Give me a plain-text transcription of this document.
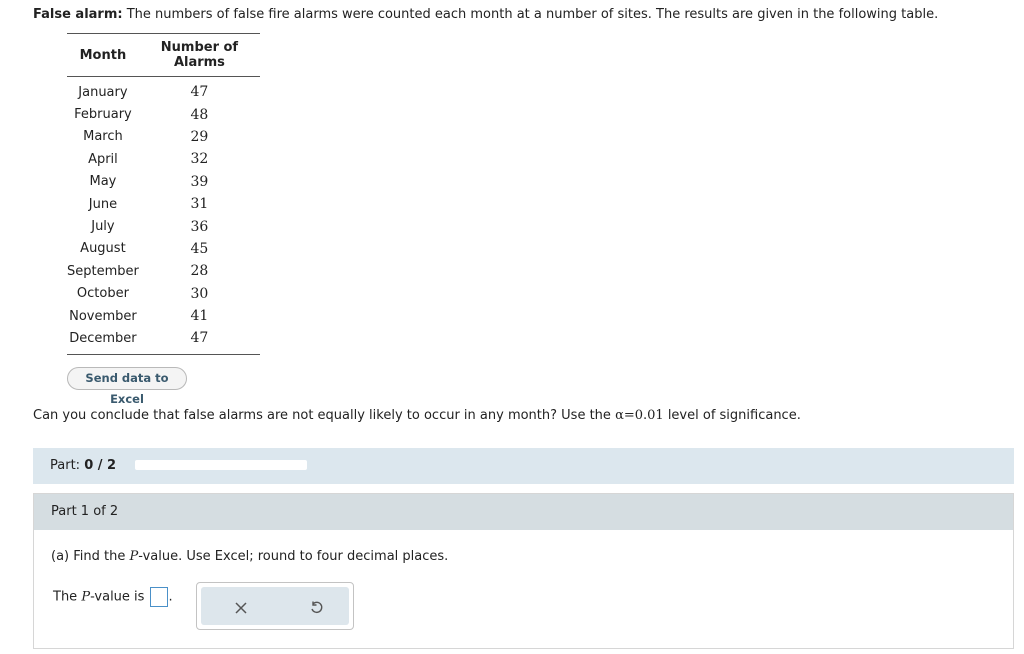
False alarm: The numbers of false fire alarms were counted each month at a number of sites. The results are given in the following table.
Month	Number of Alarms
January	47
February	48
March	29
April	32
May	39
June	31
July	36
August	45
September	28
October	30
November	41
December	47
Send data to Excel
Can you conclude that false alarms are not equally likely to occur in any month? Use the α=0.01 level of significance.
Part: 0 / 2
Part 1 of 2
(a) Find the P-value. Use Excel; round to four decimal places.
The P-value is .
